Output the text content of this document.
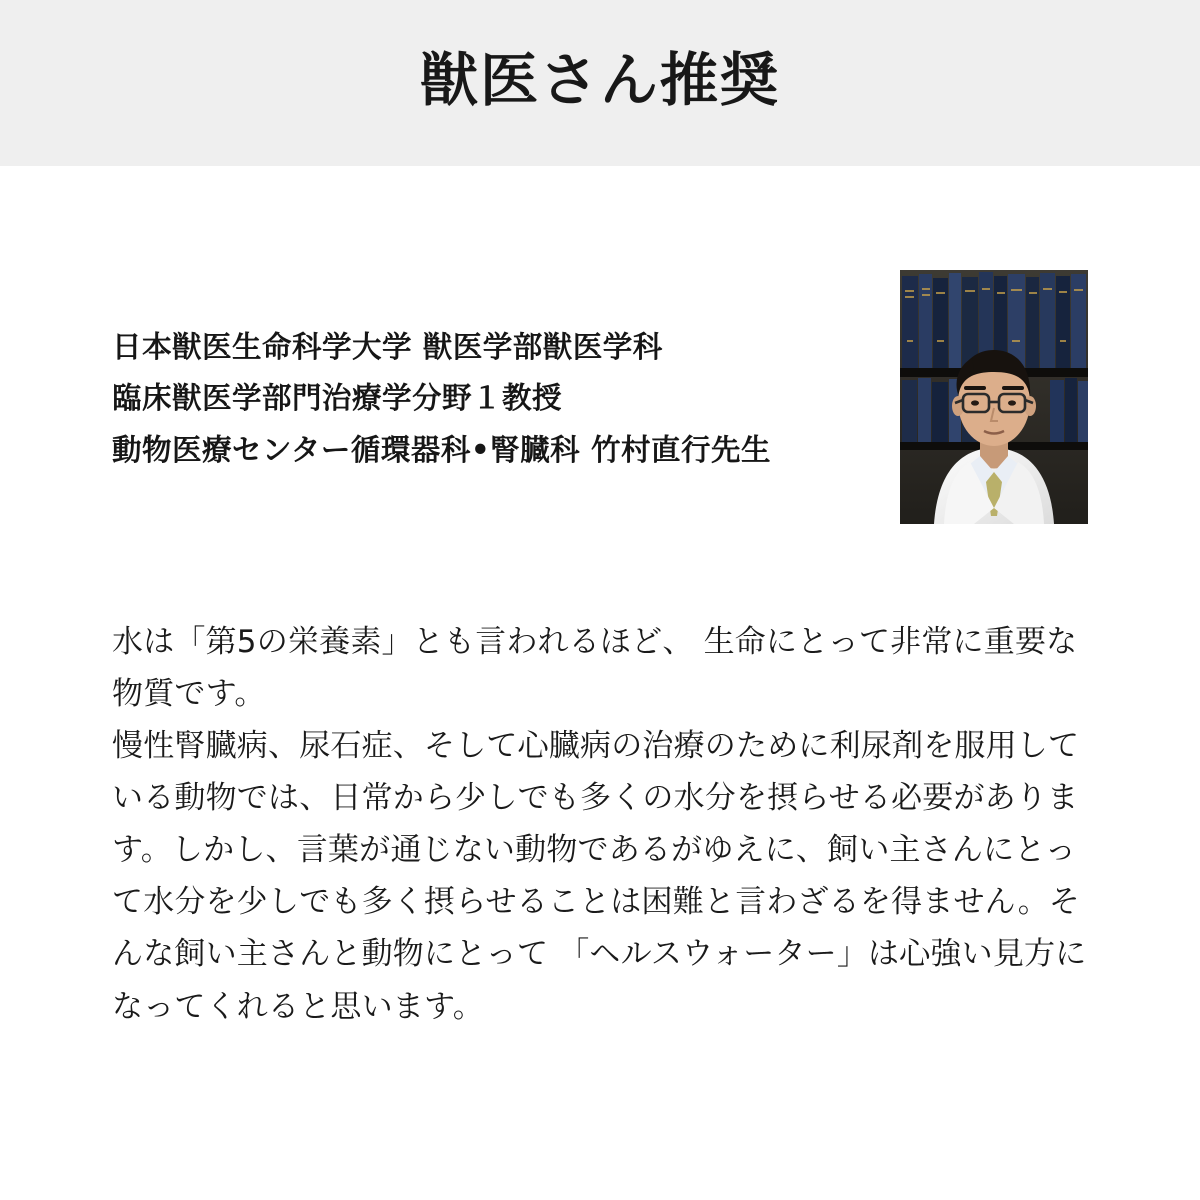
獣医さん推奨
日本獣医生命科学大学 獣医学部獣医学科
臨床獣医学部門治療学分野１教授
動物医療センター循環器科•腎臓科 竹村直行先生

水は「第5の栄養素」とも言われるほど、 生命にとって非常に重要な物質です。

慢性腎臓病、尿石症、そして心臓病の治療のために利尿剤を服用している動物では、日常から少しでも多くの水分を摂らせる必要があります。しかし、言葉が通じない動物であるがゆえに、飼い主さんにとって水分を少しでも多く摂らせることは困難と言わざるを得ません。そんな飼い主さんと動物にとって 「ヘルスウォーター」は心強い見方になってくれると思います。
